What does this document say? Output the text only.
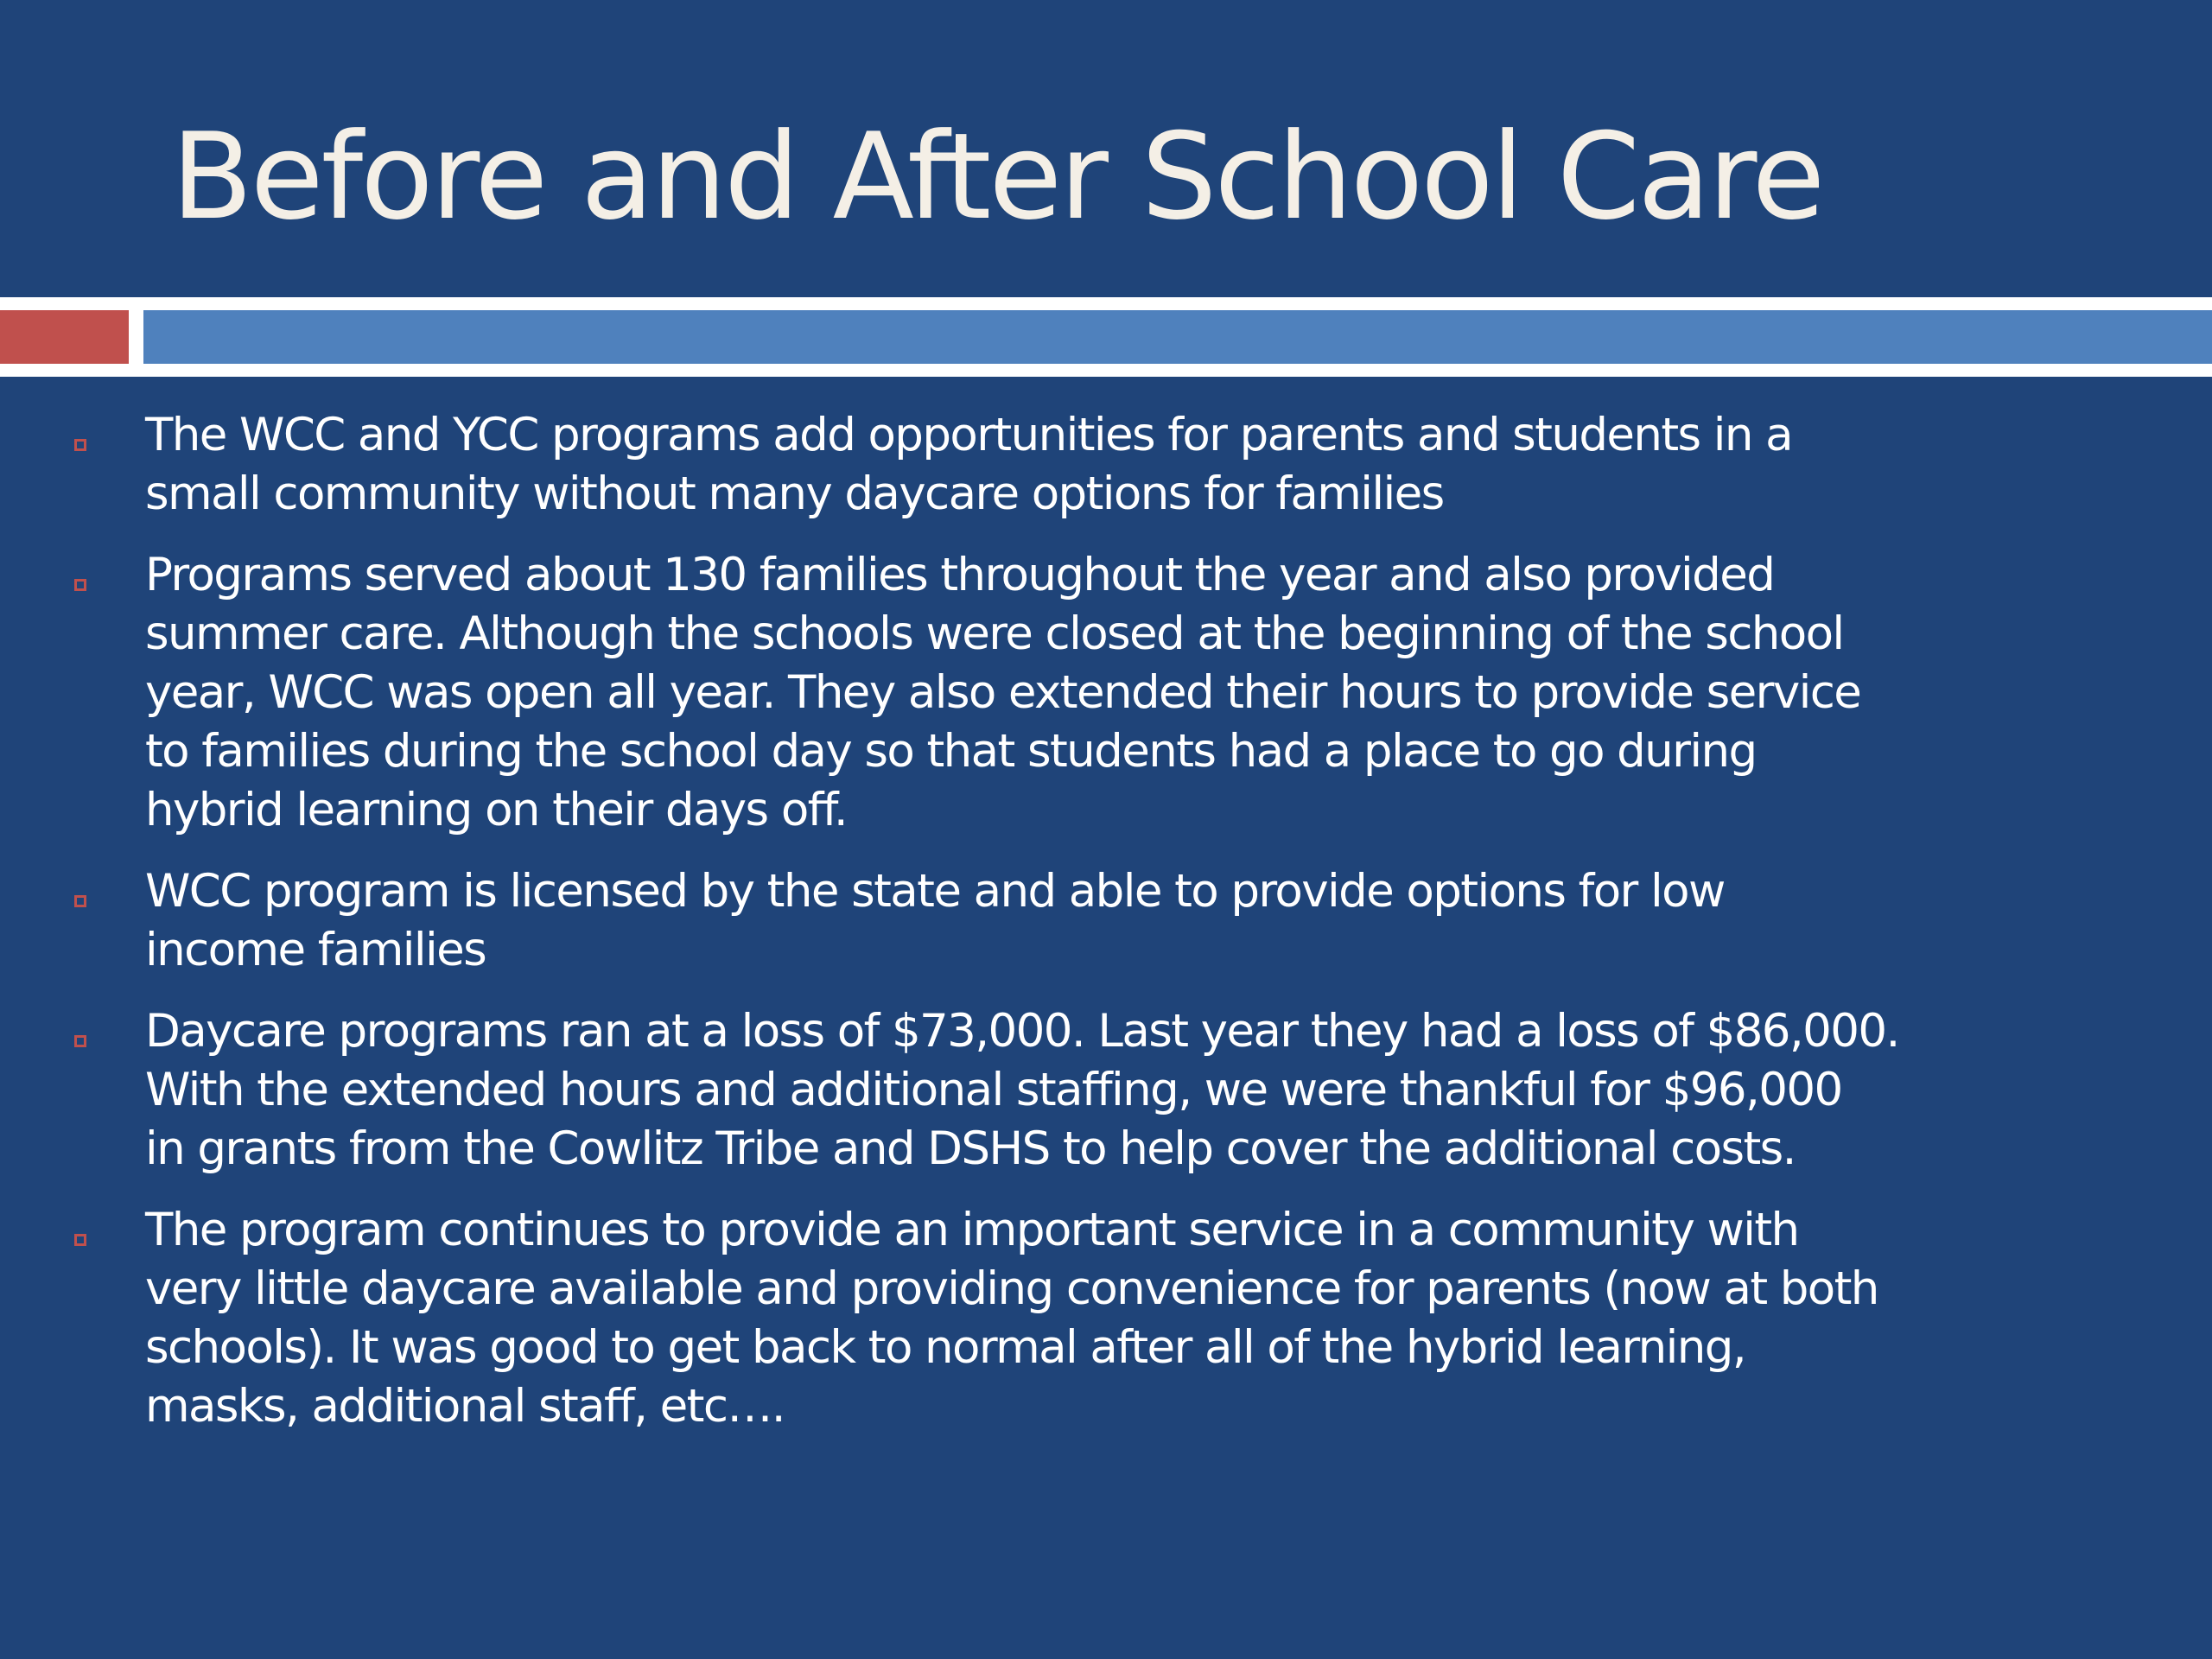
Before and After School Care
The WCC and YCC programs add opportunities for parents and students in a
small community without many daycare options for families
Programs served about 130 families throughout the year and also provided
summer care. Although the schools were closed at the beginning of the school
year, WCC was open all year. They also extended their hours to provide service
to families during the school day so that students had a place to go during
hybrid learning on their days off.
WCC program is licensed by the state and able to provide options for low
income families
Daycare programs ran at a loss of $73,000. Last year they had a loss of $86,000.
With the extended hours and additional staffing, we were thankful for $96,000
in grants from the Cowlitz Tribe and DSHS to help cover the additional costs.
The program continues to provide an important service in a community with
very little daycare available and providing convenience for parents (now at both
schools). It was good to get back to normal after all of the hybrid learning,
masks, additional staff, etc….
